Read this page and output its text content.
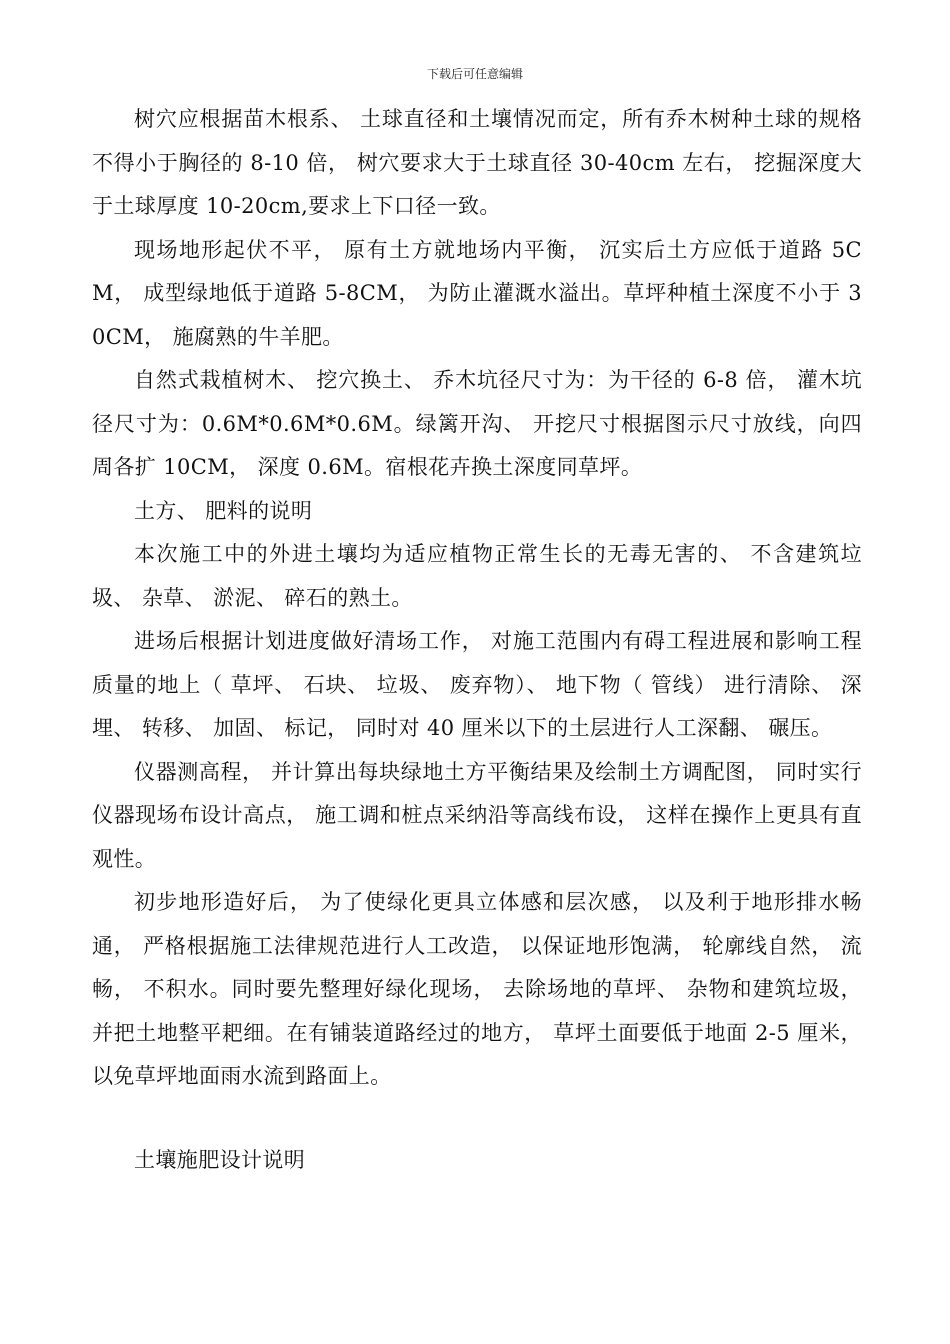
下载后可任意编辑

树穴应根据苗木根系、 土球直径和土壤情况而定，所有乔木树种土球的规格不得小于胸径的 8-10 倍， 树穴要求大于土球直径 30-40cm 左右， 挖掘深度大于土球厚度 10-20cm,要求上下口径一致。

现场地形起伏不平， 原有土方就地场内平衡， 沉实后土方应低于道路 5CM， 成型绿地低于道路 5-8CM， 为防止灌溉水溢出。草坪种植土深度不小于 30CM， 施腐熟的牛羊肥。

自然式栽植树木、 挖穴换土、 乔木坑径尺寸为：为干径的 6-8 倍， 灌木坑径尺寸为：0.6M*0.6M*0.6M。绿篱开沟、 开挖尺寸根据图示尺寸放线，向四周各扩 10CM， 深度 0.6M。宿根花卉换土深度同草坪。

土方、 肥料的说明

本次施工中的外进土壤均为适应植物正常生长的无毒无害的、 不含建筑垃圾、 杂草、 淤泥、 碎石的熟土。

进场后根据计划进度做好清场工作， 对施工范围内有碍工程进展和影响工程质量的地上（ 草坪、 石块、 垃圾、 废弃物）、 地下物（ 管线） 进行清除、 深埋、 转移、 加固、 标记， 同时对 40 厘米以下的土层进行人工深翻、 碾压。

仪器测高程， 并计算出每块绿地土方平衡结果及绘制土方调配图， 同时实行仪器现场布设计高点， 施工调和桩点采纳沿等高线布设， 这样在操作上更具有直观性。

初步地形造好后， 为了使绿化更具立体感和层次感， 以及利于地形排水畅通， 严格根据施工法律规范进行人工改造， 以保证地形饱满， 轮廓线自然， 流畅， 不积水。同时要先整理好绿化现场， 去除场地的草坪、 杂物和建筑垃圾， 并把土地整平耙细。在有铺装道路经过的地方， 草坪土面要低于地面 2-5 厘米， 以免草坪地面雨水流到路面上。

土壤施肥设计说明
